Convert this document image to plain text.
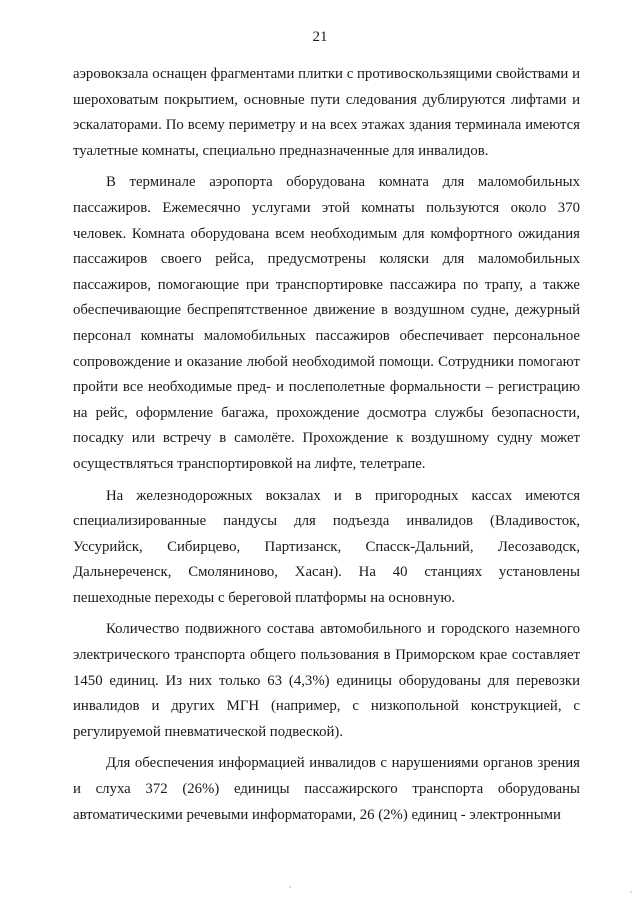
21

аэровокзала оснащен фрагментами плитки с противоскользящими свойствами и шероховатым покрытием, основные пути следования дублируются лифтами и эскалаторами. По всему периметру и на всех этажах здания терминала имеются туалетные комнаты, специально предназначенные для инвалидов.

В терминале аэропорта оборудована комната для маломобильных пассажиров. Ежемесячно услугами этой комнаты пользуются около 370 человек. Комната оборудована всем необходимым для комфортного ожидания пассажиров своего рейса, предусмотрены коляски для маломобильных пассажиров, помогающие при транспортировке пассажира по трапу, а также обеспечивающие беспрепятственное движение в воздушном судне, дежурный персонал комнаты маломобильных пассажиров обеспечивает персональное сопровождение и оказание любой необходимой помощи. Сотрудники помогают пройти все необходимые пред- и послеполетные формальности – регистрацию на рейс, оформление багажа, прохождение досмотра службы безопасности, посадку или встречу в самолёте. Прохождение к воздушному судну может осуществляться транспортировкой на лифте, телетрапе.

На железнодорожных вокзалах и в пригородных кассах имеются специализированные пандусы для подъезда инвалидов (Владивосток, Уссурийск, Сибирцево, Партизанск, Спасск-Дальний, Лесозаводск, Дальнереченск, Смоляниново, Хасан). На 40 станциях установлены пешеходные переходы с береговой платформы на основную.

Количество подвижного состава автомобильного и городского наземного электрического транспорта общего пользования в Приморском крае составляет 1450 единиц. Из них только 63 (4,3%) единицы оборудованы для перевозки инвалидов и других МГН (например, с низкопольной конструкцией, с регулируемой пневматической подвеской).

Для обеспечения информацией инвалидов с нарушениями органов зрения и слуха 372 (26%) единицы пассажирского транспорта оборудованы автоматическими речевыми информаторами, 26 (2%) единиц - электронными
